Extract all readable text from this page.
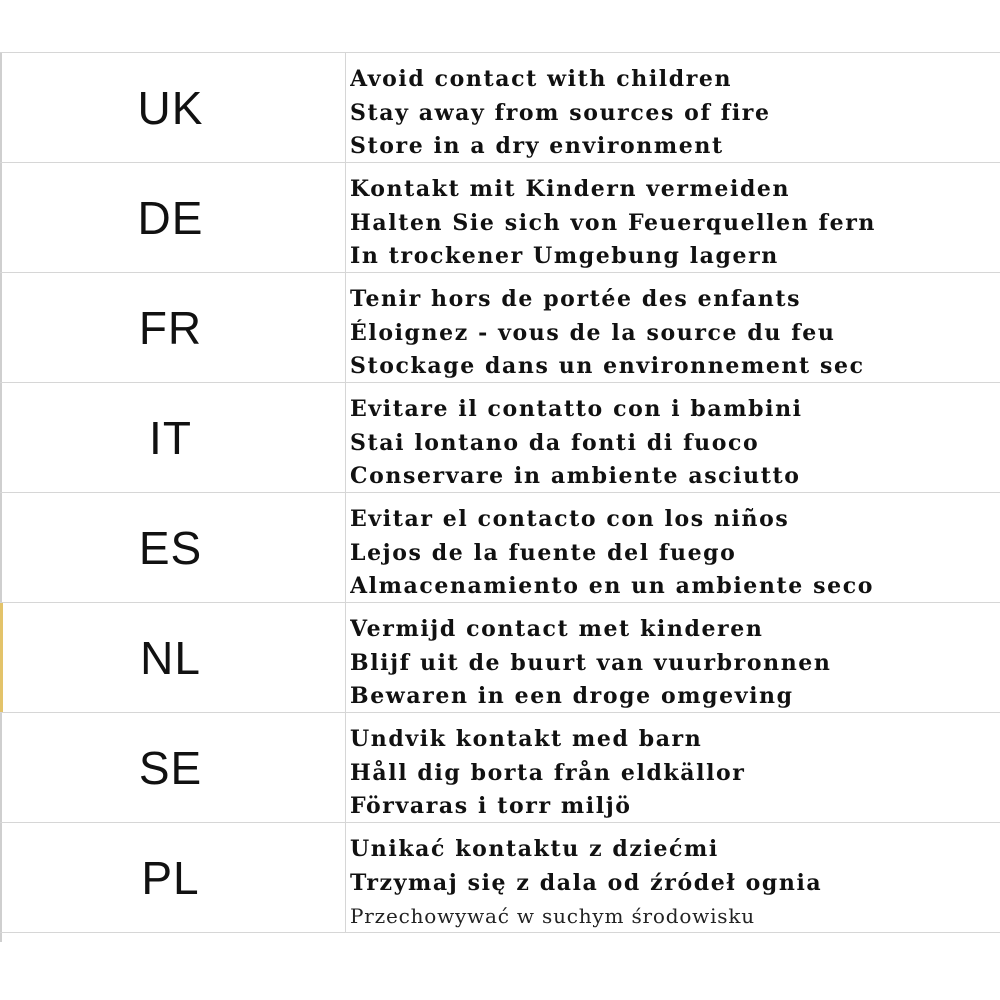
UK
Avoid contact with children
Stay away from sources of fire
Store in a dry environment
DE
Kontakt mit Kindern vermeiden
Halten Sie sich von Feuerquellen fern
In trockener Umgebung lagern
FR
Tenir hors de portée des enfants
Éloignez - vous de la source du feu
Stockage dans un environnement sec
IT
Evitare il contatto con i bambini
Stai lontano da fonti di fuoco
Conservare in ambiente asciutto
ES
Evitar el contacto con los niños
Lejos de la fuente del fuego
Almacenamiento en un ambiente seco
NL
Vermijd contact met kinderen
Blijf uit de buurt van vuurbronnen
Bewaren in een droge omgeving
SE
Undvik kontakt med barn
Håll dig borta från eldkällor
Förvaras i torr miljö
PL
Unikać kontaktu z dziećmi
Trzymaj się z dala od źródeł ognia
Przechowywać w suchym środowisku
